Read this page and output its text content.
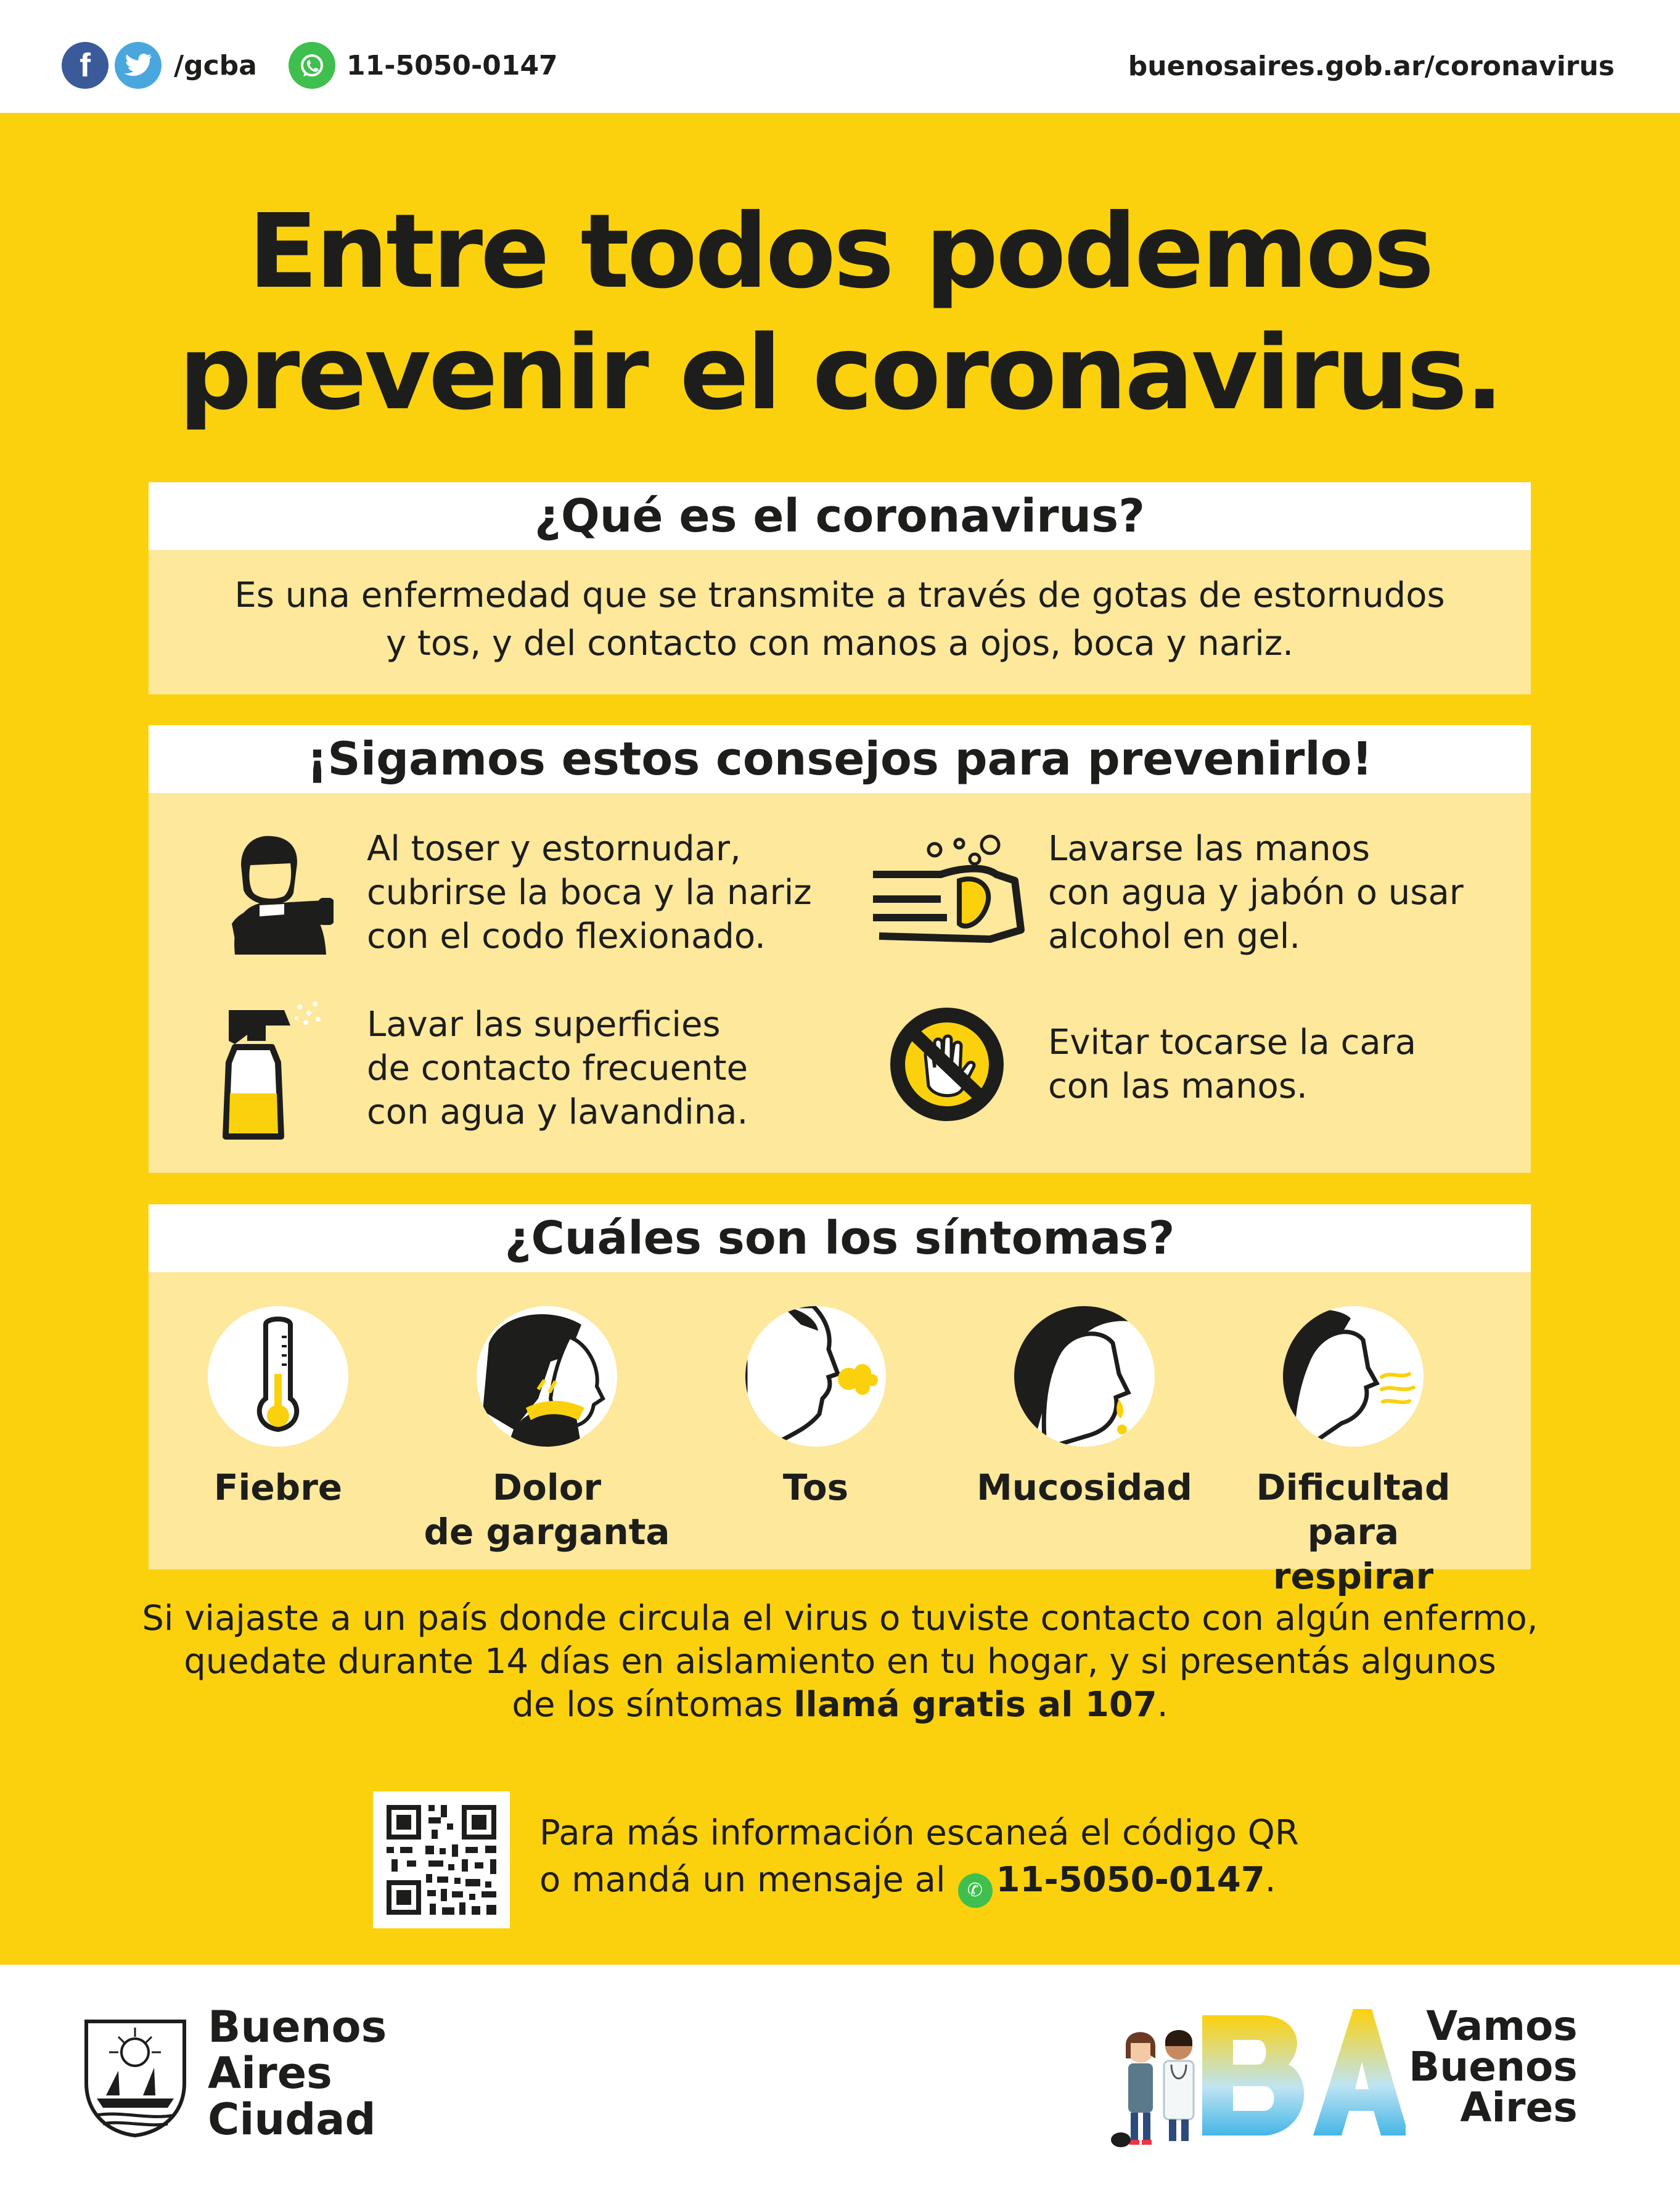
f	/gcba	11-5050-0147	buenosaires.gob.ar/coronavirus
Entre todos podemos
prevenir el coronavirus.
¿Qué es el coronavirus?
Es una enfermedad que se transmite a través de gotas de estornudos
y tos, y del contacto con manos a ojos, boca y nariz.
¡Sigamos estos consejos para prevenirlo!
Al toser y estornudar,
cubrirse la boca y la nariz
con el codo flexionado.
Lavarse las manos
con agua y jabón o usar
alcohol en gel.
Lavar las superficies
de contacto frecuente
con agua y lavandina.
Evitar tocarse la cara
con las manos.
¿Cuáles son los síntomas?
Fiebre	Dolor
de garganta
Tos	Mucosidad	Dificultad
para respirar
Si viajaste a un país donde circula el virus o tuviste contacto con algún enfermo,
quedate durante 14 días en aislamiento en tu hogar, y si presentás algunos
de los síntomas llamá gratis al 107.
Para más información escaneá el código QR
o mandá un mensaje al ✆ 11-5050-0147.
Buenos
Aires
Ciudad
Vamos
Buenos
Aires
